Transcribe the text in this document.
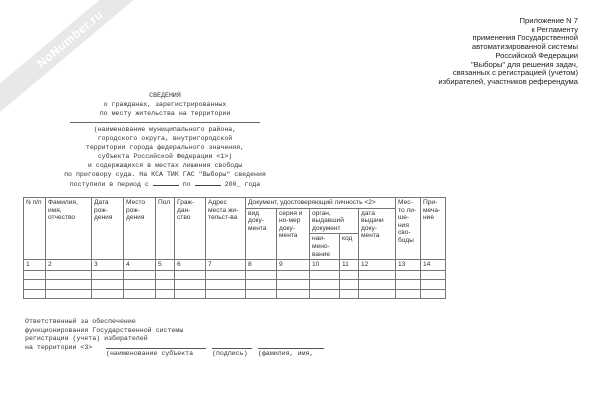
NoNumber.ru	Приложение N 7
к Регламенту
применения Государственной
автоматизированной системы
Российской Федерации
"Выборы" для решения задач,
связанных с регистрацией (учетом)
избирателей, участников референдума
СВЕДЕНИЯ
о гражданах, зарегистрированных
по месту жительства на территории
(наименование муниципального района,
городского округа, внутригородской
территории города федерального значения,
субъекта Российской Федерации <1>)
и содержащихся в местах лишения свободы
по приговору суда. На КСА ТИК ГАС "Выборы" сведения
поступили в период с	по	200_ года
N п/п	Фамилия, имя, отчество	Дата рож-дения	Место рож-дения	Пол	Граж-дан-ство	Адрес места жи-тельст-ва	Документ, удостоверяющий личность <2>					Мес-то ли-ше-ния сво-боды	При-меча-ние
							вид доку-мента	серия и но-мер доку-мента	орган, выдавший документ		дата выдачи доку-мента		
									наи-мено-вание	код			
1	2	3	4	5	6	7	8	9	10	11	12	13	14

Ответственный за обеспечение
функционирования Государственной системы
регистрации (учета) избирателей
на территории <3>
(наименование субъекта	(подпись)	(фамилия, имя,
